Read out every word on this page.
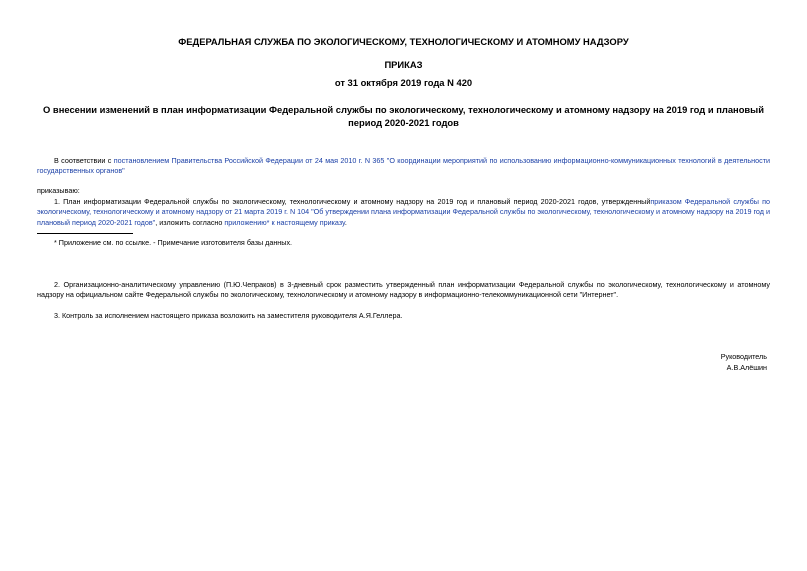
ФЕДЕРАЛЬНАЯ СЛУЖБА ПО ЭКОЛОГИЧЕСКОМУ, ТЕХНОЛОГИЧЕСКОМУ И АТОМНОМУ НАДЗОРУ
ПРИКАЗ
от 31 октября 2019 года N 420
О внесении изменений в план информатизации Федеральной службы по экологическому, технологическому и атомному надзору на 2019 год и плановый период 2020-2021 годов
В соответствии с постановлением Правительства Российской Федерации от 24 мая 2010 г. N 365 "О координации мероприятий по использованию информационно-коммуникационных технологий в деятельности государственных органов"
приказываю:
1. План информатизации Федеральной службы по экологическому, технологическому и атомному надзору на 2019 год и плановый период 2020-2021 годов, утвержденныйприказом Федеральной службы по экологическому, технологическому и атомному надзору от 21 марта 2019 г. N 104 "Об утверждении плана информатизации Федеральной службы по экологическому, технологическому и атомному надзору на 2019 год и плановый период 2020-2021 годов", изложить согласно приложению* к настоящему приказу.
* Приложение см. по ссылке. - Примечание изготовителя базы данных.
2. Организационно-аналитическому управлению (П.Ю.Чепраков) в 3-дневный срок разместить утвержденный план информатизации Федеральной службы по экологическому, технологическому и атомному надзору на официальном сайте Федеральной службы по экологическому, технологическому и атомному надзору в информационно-телекоммуникационной сети "Интернет".
3. Контроль за исполнением настоящего приказа возложить на заместителя руководителя А.Я.Геллера.
Руководитель
А.В.Алёшин
